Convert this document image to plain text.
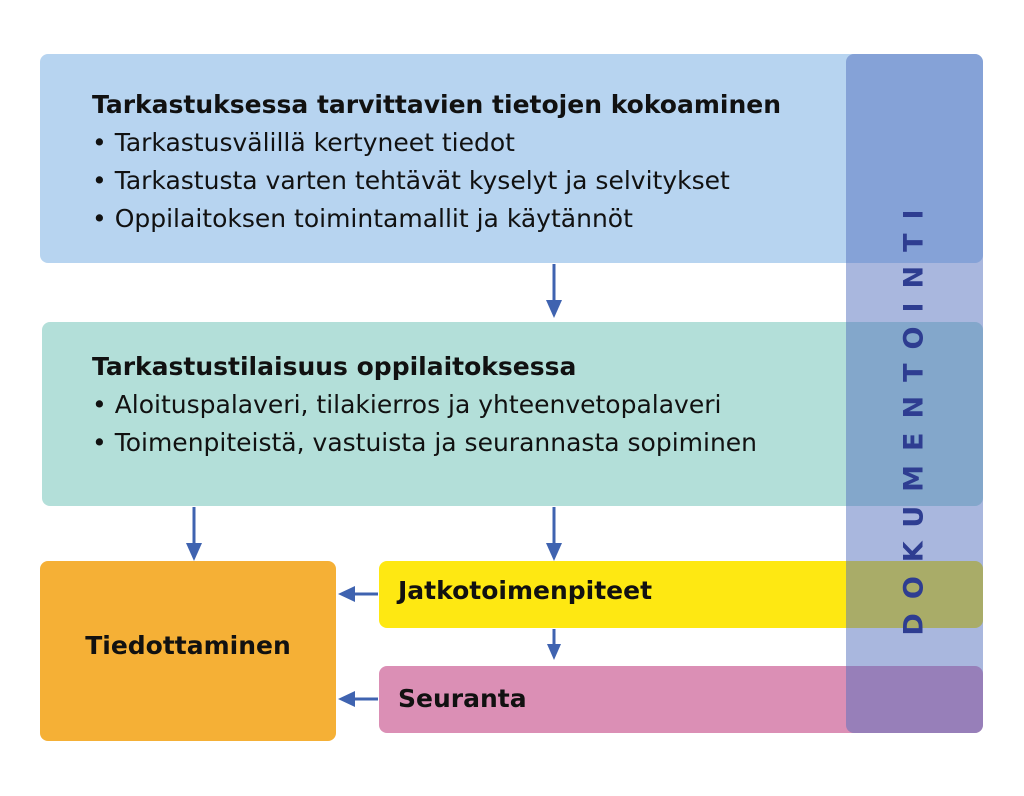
DOKUMENTOINTI
Tarkastuksessa tarvittavien tietojen kokoaminen
• Tarkastusvälillä kertyneet tiedot
• Tarkastusta varten tehtävät kyselyt ja selvitykset
• Oppilaitoksen toimintamallit ja käytännöt
Tarkastustilaisuus oppilaitoksessa
• Aloituspalaveri, tilakierros ja yhteenvetopalaveri
• Toimenpiteistä, vastuista ja seurannasta sopiminen
Jatkotoimenpiteet
Seuranta
Tiedottaminen
